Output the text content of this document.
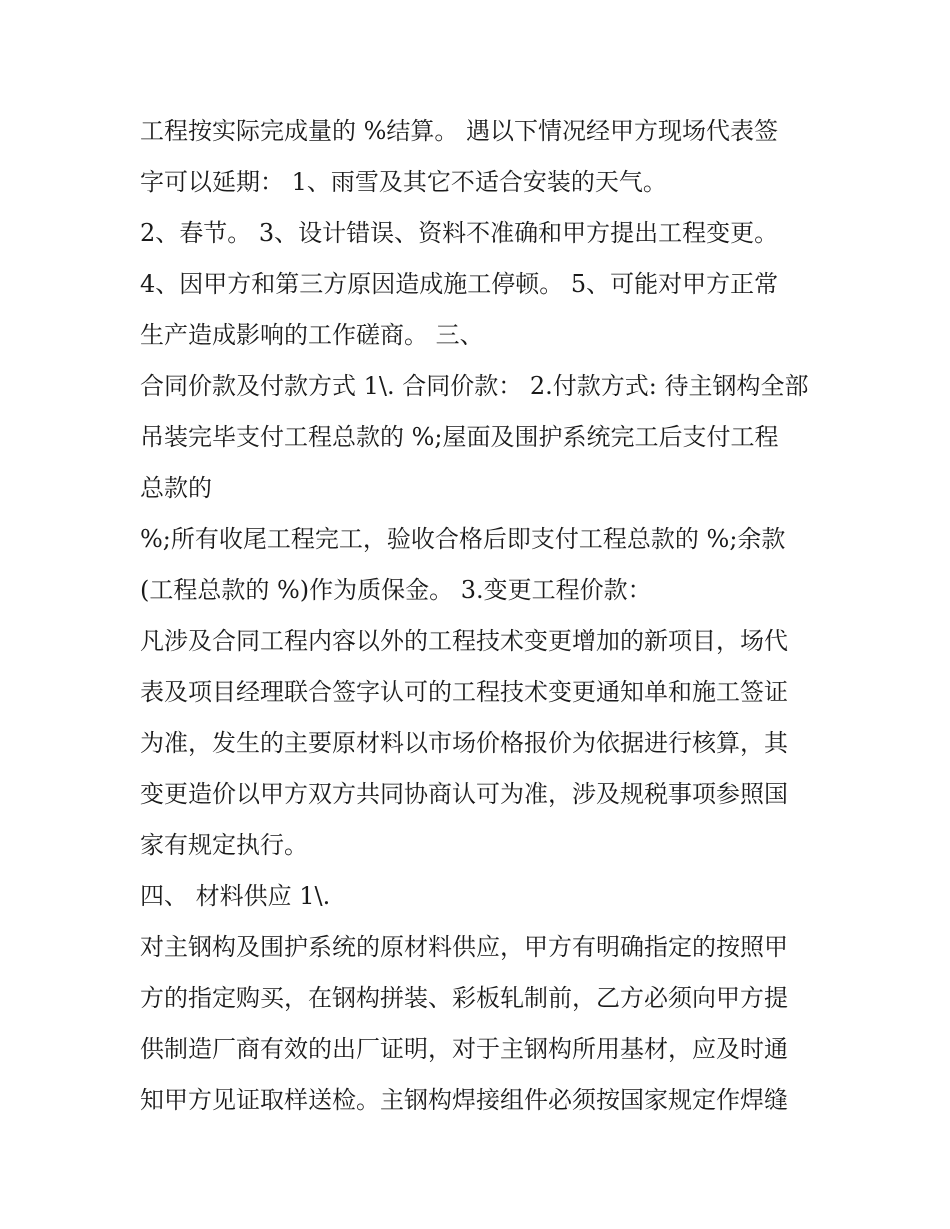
工程按实际完成量的 %结算。 遇以下情况经甲方现场代表签
字可以延期： 1、雨雪及其它不适合安装的天气。
2、春节。 3、设计错误、资料不准确和甲方提出工程变更。
4、因甲方和第三方原因造成施工停顿。 5、可能对甲方正常
生产造成影响的工作磋商。 三、
合同价款及付款方式 1\. 合同价款： 2.付款方式: 待主钢构全部
吊装完毕支付工程总款的 %;屋面及围护系统完工后支付工程
总款的
%;所有收尾工程完工，验收合格后即支付工程总款的 %;余款
(工程总款的 %)作为质保金。 3.变更工程价款：
凡涉及合同工程内容以外的工程技术变更增加的新项目，场代
表及项目经理联合签字认可的工程技术变更通知单和施工签证
为准，发生的主要原材料以市场价格报价为依据进行核算，其
变更造价以甲方双方共同协商认可为准，涉及规税事项参照国
家有规定执行。
四、 材料供应 1\.
对主钢构及围护系统的原材料供应，甲方有明确指定的按照甲
方的指定购买，在钢构拼装、彩板轧制前，乙方必须向甲方提
供制造厂商有效的出厂证明，对于主钢构所用基材，应及时通
知甲方见证取样送检。主钢构焊接组件必须按国家规定作焊缝
